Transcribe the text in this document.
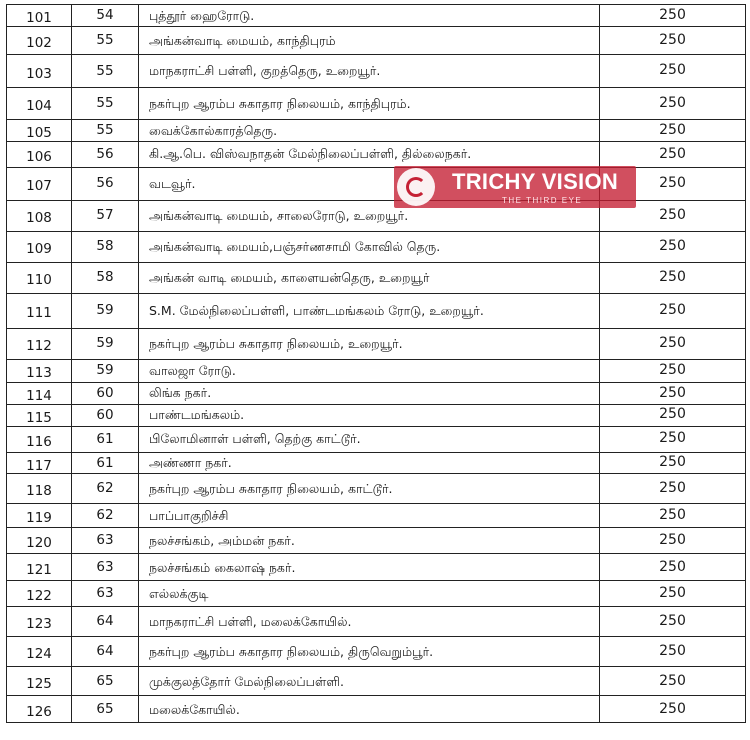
101	54	புத்தூர் ஹைரோடு.	250
102	55	அங்கன்வாடி மையம், காந்திபுரம்	250
103	55	மாநகராட்சி பள்ளி, குறத்தெரு, உறையூர்.	250
104	55	நகர்புற ஆரம்ப சுகாதார நிலையம், காந்திபுரம்.	250
105	55	வைக்கோல்காரத்தெரு.	250
106	56	கி.ஆ.பெ. விஸ்வநாதன் மேல்நிலைப்பள்ளி, தில்லைநகர்.	250
107	56	வடவூர்.	250
108	57	அங்கன்வாடி மையம், சாலைரோடு, உறையூர்.	250
109	58	அங்கன்வாடி மையம்,பஞ்சர்ணசாமி கோவில் தெரு.	250
110	58	அங்கன் வாடி மையம், காளையன்தெரு, உறையூர்	250
111	59	S.M. மேல்நிலைப்பள்ளி, பாண்டமங்கலம் ரோடு, உறையூர்.	250
112	59	நகர்புற ஆரம்ப சுகாதார நிலையம், உறையூர்.	250
113	59	வாலஜா ரோடு.	250
114	60	லிங்க நகர்.	250
115	60	பாண்டமங்கலம்.	250
116	61	பிலோமினாள் பள்ளி, தெற்கு காட்டூர்.	250
117	61	அண்ணா நகர்.	250
118	62	நகர்புற ஆரம்ப சுகாதார நிலையம், காட்டூர்.	250
119	62	பாப்பாகுறிச்சி	250
120	63	நலச்சங்கம், அம்மன் நகர்.	250
121	63	நலச்சங்கம் கைலாஷ் நகர்.	250
122	63	எல்லக்குடி	250
123	64	மாநகராட்சி பள்ளி, மலைக்கோயில்.	250
124	64	நகர்புற ஆரம்ப சுகாதார நிலையம், திருவெறும்பூர்.	250
125	65	முக்குலத்தோர் மேல்நிலைப்பள்ளி.	250
126	65	மலைக்கோயில்.	250
TRICHY VISION
THE THIRD EYE
